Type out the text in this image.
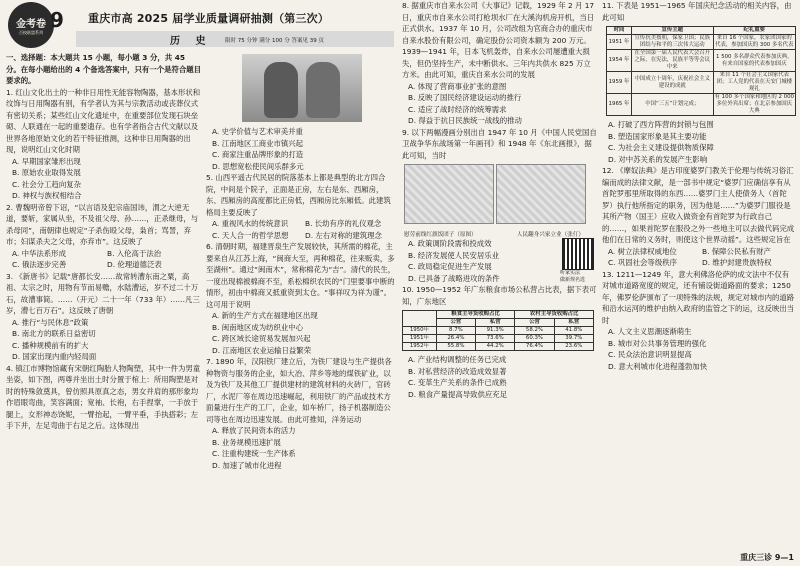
金考卷
百校联盟系列

一、选择题：本大题共 15 小题，每小题 3 分，共 45 分。在每小题给出的 4 个备选答案中，只有一个是符合题目要求的。

1. 红山文化出土的一种非日用性无能容物陶器，基本形状和纹饰与日用陶器有别，有学者认为其与宗教活动或丧葬仪式有密切关系；某些红山文化遗址中，在重要部位发现石块垒砌、人联通在一起的重要遗存。也有学者指合古代文献以及世界各地原始文化的若干特征推测，这种非日用陶器的出现，说明红山文化时期

A. 早期国家雏形出现

B. 原始农业取得发展

C. 社会分工趋向复杂

D. 神权与族权相结合

2. 曹魏明帝曾下诏，“以言语及犯宗庙国讳，渭之大逆无道，要斩，家属从坐，不及祖父母、孙……，正杀继母，与杀母同”，南朝律也规定“子杀伤殴父母，枭首；骂詈，弃市；妇谋杀夫之父母，亦弃市”。这反映了

A. 中华法系形成	B. 入伦高于法治
C. 俄法逐步完善	D. 伦理道德泛表

3. 《新唐书》记载“唐都长安……故常转漕东南之粟，高祖、太宗之时，用物有节而易赡，水陆漕运，岁不过二十万石，故漕事简。……（开元）二十一年（733 年）……凡三岁，漕七百万石”。这反映了唐朝

A. 推行“与民休息”政策

B. 南北方的联系日益密切

C. 播种规模前有的扩大

D. 国家出现内重内轻局面

4. 镇江市博物馆藏有宋朝红陶胎人物陶塑，其中一件为男童坐姿，如下图，两尊并坐出土时分置于棺上：所用陶塑是对时的特殊敛奠具，曾仿照具原真之态，男女并肩的那形象均作眉眼弯曲，笑容满面；宽袖、长袍，右手捏掌，一手放于腿上，女形神态饶妮，一臂抬起，一臂平垂，手执搭彩；左手下并，左足弯曲于右足之后。这体现出

9 重庆市高 2025 届学业质量调研抽测（第三次）
历 史 限时 75 分钟 满分 100 分 答案见 39 页

A. 史学价值与艺术审美并重

B. 江南地区工商业市镇兴起

C. 商家注重品牌形象的打造

D. 思想宽松使民间乐群多元

5. 山西平遥古代民居的院落基本上都是典型的北方四合院，中间是个院子，正面是正房，左右是东、西厢房，东、西厢房的高度都比正房低，西厢房比东厢低。此建筑格局主要反映了

A. 重视风水的传统意识	B. 长幼有序的礼仪观念
C. 天人合一的哲学思想	D. 左右对称的建筑理念

6. 清朝时期，福建晋泉生产发展较快，其所需的棉花，主要来自从江苏上海，“闽商大至，再种棉花，往来贩卖，多至湖州”。通过“闽南木”，常称棉花为“吉”。清代的民生，一度出现棉被棉商不至，系松棉织农民的“门里要事中断的情形，初由中棉商又抵重资到太仓。“事祥叹为祥为谨”。这可用于说明

A. 新的生产方式在福建地区出现

B. 闽南地区成为纺织业中心

C. 跨区域长途贸易发展加兴起

D. 江南地区农业运输日益繁荣

7. 1890 年，汉阳铁厂建立后，为铁厂建设与生产提供各种物资与服务的企业，如大冶、萍乡等地的煤铁矿业，以及为铁厂及其他工厂提供建材的建筑材料的火砖厂，官砖厂，水泥厂等在周边迅速崛起，利用铁厂的产品或技术方面量进行生产的工厂，企业，如车桥厂，扬子机器制造公司等也在周边迅速发展。由此可推知，洋务运动

A. 释放了民间资本的活力

B. 业务规模迅速扩展

C. 注重构建统一生产体系

D. 加速了城市化进程

8. 据重庆市自来水公司《大事记》记载，1929 年 2 月 17 日，重庆市自来水公司打枪坝水厂在大溪沟机房开机，当日正式供水。1937 年 10 月，公司改组为官商合办的重庆市自来水股份有限公司，确定股份公司资本额为 200 万元。1939—1941 年，日本飞机轰炸，自来水公司屡遭重大损失，但仍坚持生产，未中断供水。三年内共供水 825 万立方米。由此可知，重庆自来水公司的发展

A. 体现了营商事业扩张的意图

B. 反映了国民经济建设运动的推行

C. 适应了战时经济的统筹需求

D. 得益于抗日民族统一战线的推动

9. 以下两幅漫画分别出自 1947 年 10 月《中国人民党国自卫战争华东战场第一年画刊》和 1948 年《东北画报》，据此可知，当时

慰劳前线红旗饭团子（原图）	人民翻身兴家立业（张仃）

A. 政策调阶段需和投成效

B. 经济发展使人民安居乐业

C. 政局稳定促进生产发展

D. 已具备了战略进攻的条件

听家实法
做新规名选

10. 1950—1952 年广东粮食市场公私营占比表，据下表可知，广东地区

	粮食主导货收购占比		农村主导货收购占比	
	公营	私营	公营	私营
1950年	8.7%	91.3%	58.2%	41.8%
1951年	26.4%	73.6%	60.3%	39.7%
1952年	55.8%	44.2%	76.4%	23.6%

A. 产业结构调整的任务已完成

B. 对私营经济的改造成效显著

C. 变革生产关系的条件已成熟

D. 粮食产量提高导致供应充足

11. 下表是 1951—1965 年国庆纪念活动的相关内容，由此可知

时间	宣传主题	纪礼重要
1951 年	宣传抗美援朝，保家卫国；民族团结与和平的三次伟大运动	来自 16 个国家，农家团国家的代表，参加国庆的 300 多名代表
1954 年	在全国第一届人民代表大会召开之际，在宪法，民族平等等会议中来	1 500 多名群众代表参加庆典，有来自国家的代表参加国庆
1959 年	中国成立十周年，庆祝社会主义建设的成就	来自 11 个社会主义国家代表团；工人党的代表在天安门城楼观礼
1965 年	中国“三五”计划完成；	有 100 多个国家和地区的 2 000 多位外宾出席；在北京参加国庆大典

A. 打破了西方阵营的封锁与包围

B. 塑造国家形象是其主要功能

C. 为社会主义建设提供物质保障

D. 对中苏关系的发展产生影响

12. 《摩奴法典》是古印度婆罗门教关于伦理与传统习俗汇编而成的法律文献，是一部书中规定“婆罗门应确信享有从首陀罗那里所取得的东西……婆罗门主人使债务人（首陀罗）执行他所指定的职务，因为他是……”为婆罗门服役是其所产物（国王）应收入做资金有首陀罗为行政自己的……，如果首陀罗在服役之外一些地主可以去做代码完成他们在日常的义务时，则使这个世界动摇”。这些规定旨在

A. 树立法律权威地位	B. 保障公民私有财产
C. 巩固社会等级秩序	D. 维护封建贵族特权

13. 1211—1249 年，意大利佛洛伦萨的成文法中不仅有对城市道路宽度的规定，还有铺设街道路面的要求；1250 年，佛罗伦萨颁布了一项特殊的法规，规定对城市内的道路和沿水运河的维护由纳入政府的监管之下的运，这反映出当时

A. 人文主义思潮逐渐萌生

B. 城市对公共事务管理的强化

C. 民众法治意识明显提高

D. 意大利城市化进程蓬勃加快

重庆三诊 9—1
